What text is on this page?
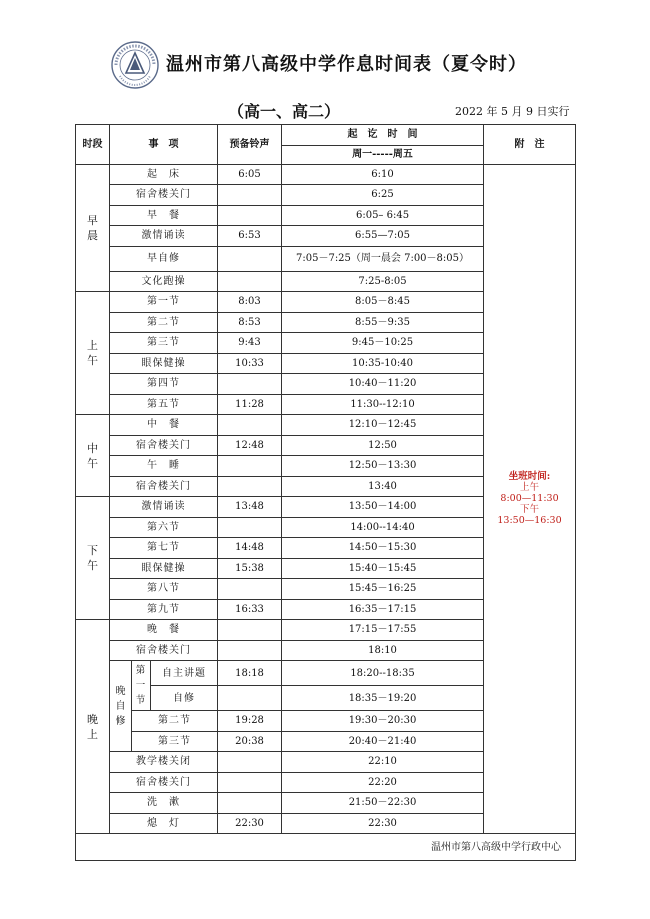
温州市第八高级中学作息时间表（夏令时）
（高一、高二）	2022 年 5 月 9 日实行
时段	事　项			预备铃声	起　讫　时　间	附　注
					周一-----周五	
早晨	起　床			6:05	6:10	坐班时间:
上午
8:00—11:30
下午
13:50—16:30

	宿舍楼关门				6:25	
	早　餐				6:05– 6:45	
	激情诵读			6:53	6:55—7:05	
	早自修				7:05－7:25（周一晨会 7:00－8:05）	
	文化跑操				7:25-8:05	
上午	第一节			8:03	8:05－8:45	
	第二节			8:53	8:55－9:35	
	第三节			9:43	9:45－10:25	
	眼保健操			10:33	10:35-10:40	
	第四节				10:40－11:20	
	第五节			11:28	11:30--12:10	
中午	中　餐				12:10－12:45	
	宿舍楼关门			12:48	12:50	
	午　睡				12:50－13:30	
	宿舍楼关门				13:40	
下午	激情诵读			13:48	13:50－14:00	
	第六节				14:00--14:40	
	第七节			14:48	14:50－15:30	
	眼保健操			15:38	15:40－15:45	
	第八节				15:45－16:25	
	第九节			16:33	16:35－17:15	
晚上	晚　餐				17:15－17:55	
	宿舍楼关门				18:10	
	晚自修	第一节	自主讲题	18:18	18:20--18:35	
			自修		18:35－19:20	
		第二节		19:28	19:30－20:30	
		第三节		20:38	20:40－21:40	
	教学楼关闭				22:10	
	宿舍楼关门				22:20	
	洗　漱				21:50－22:30	
	熄　灯			22:30	22:30	
温州市第八高级中学行政中心						
